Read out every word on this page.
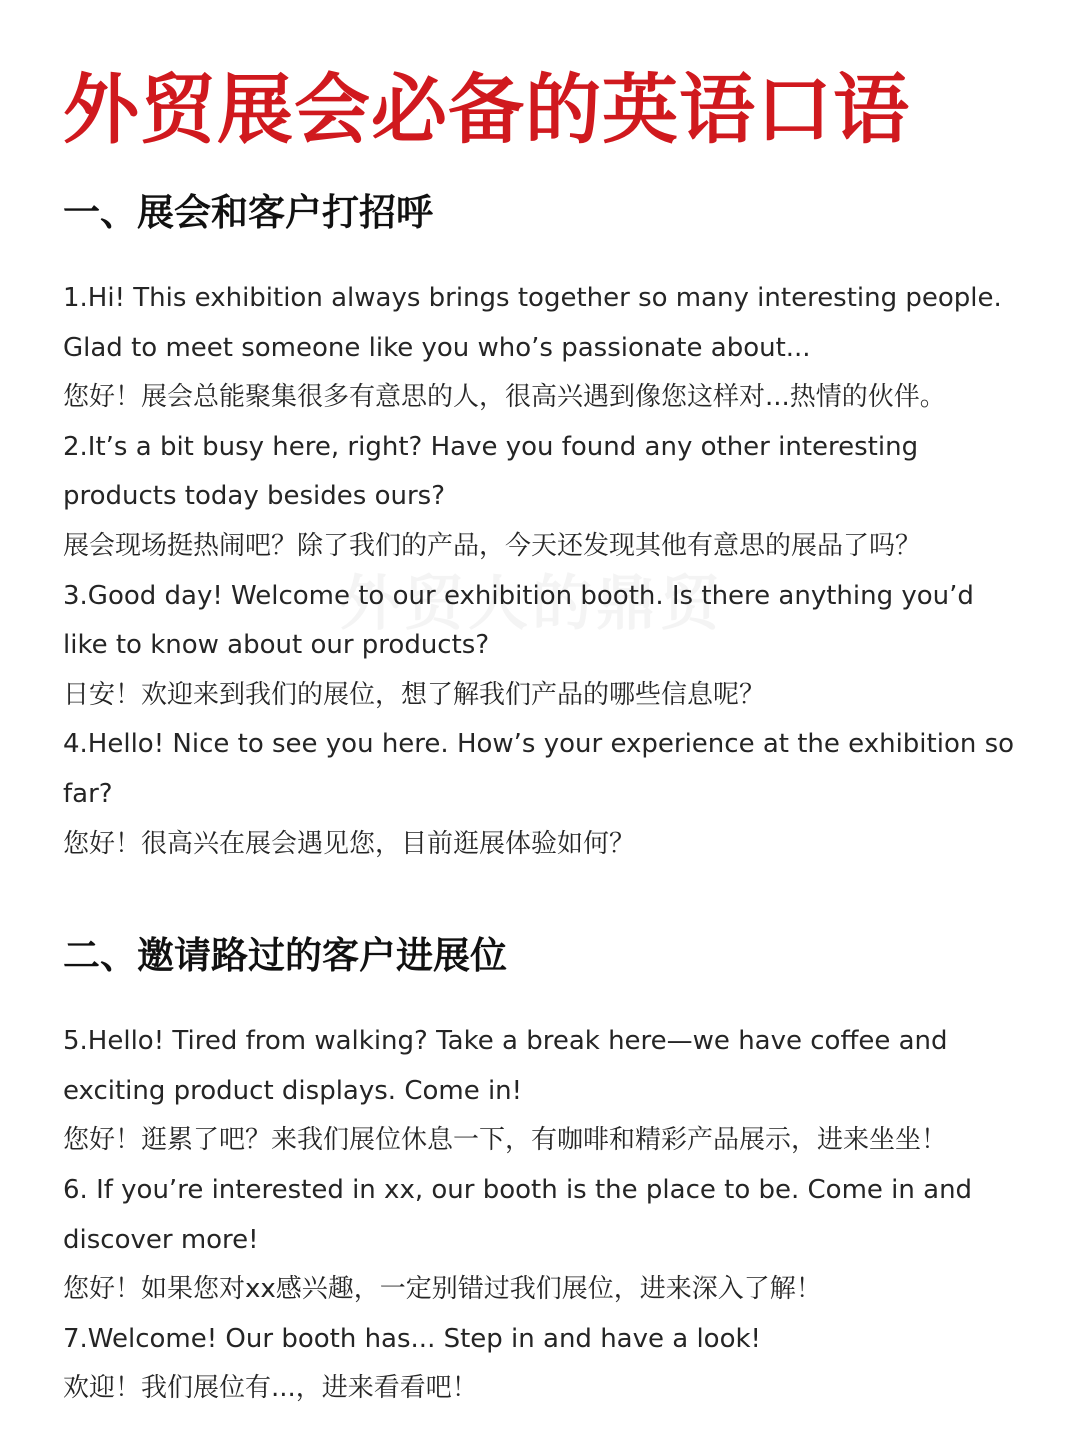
外贸展会必备的英语口语
一、展会和客户打招呼
1.Hi! This exhibition always brings together so many interesting people. Glad to meet someone like you who’s passionate about...
您好！展会总能聚集很多有意思的人，很高兴遇到像您这样对...热情的伙伴。
2.It’s a bit busy here, right? Have you found any other interesting products today besides ours?
展会现场挺热闹吧？除了我们的产品，今天还发现其他有意思的展品了吗？
3.Good day! Welcome to our exhibition booth. Is there anything you’d like to know about our products?
日安！欢迎来到我们的展位，想了解我们产品的哪些信息呢？
4.Hello! Nice to see you here. How’s your experience at the exhibition so far?
您好！很高兴在展会遇见您，目前逛展体验如何？
二、邀请路过的客户进展位
5.Hello! Tired from walking? Take a break here—we have coffee and exciting product displays. Come in!
您好！逛累了吧？来我们展位休息一下，有咖啡和精彩产品展示，进来坐坐！
6. If you’re interested in xx, our booth is the place to be. Come in and discover more!
您好！如果您对xx感兴趣，一定别错过我们展位，进来深入了解！
7.Welcome! Our booth has... Step in and have a look!
欢迎！我们展位有...，进来看看吧！
